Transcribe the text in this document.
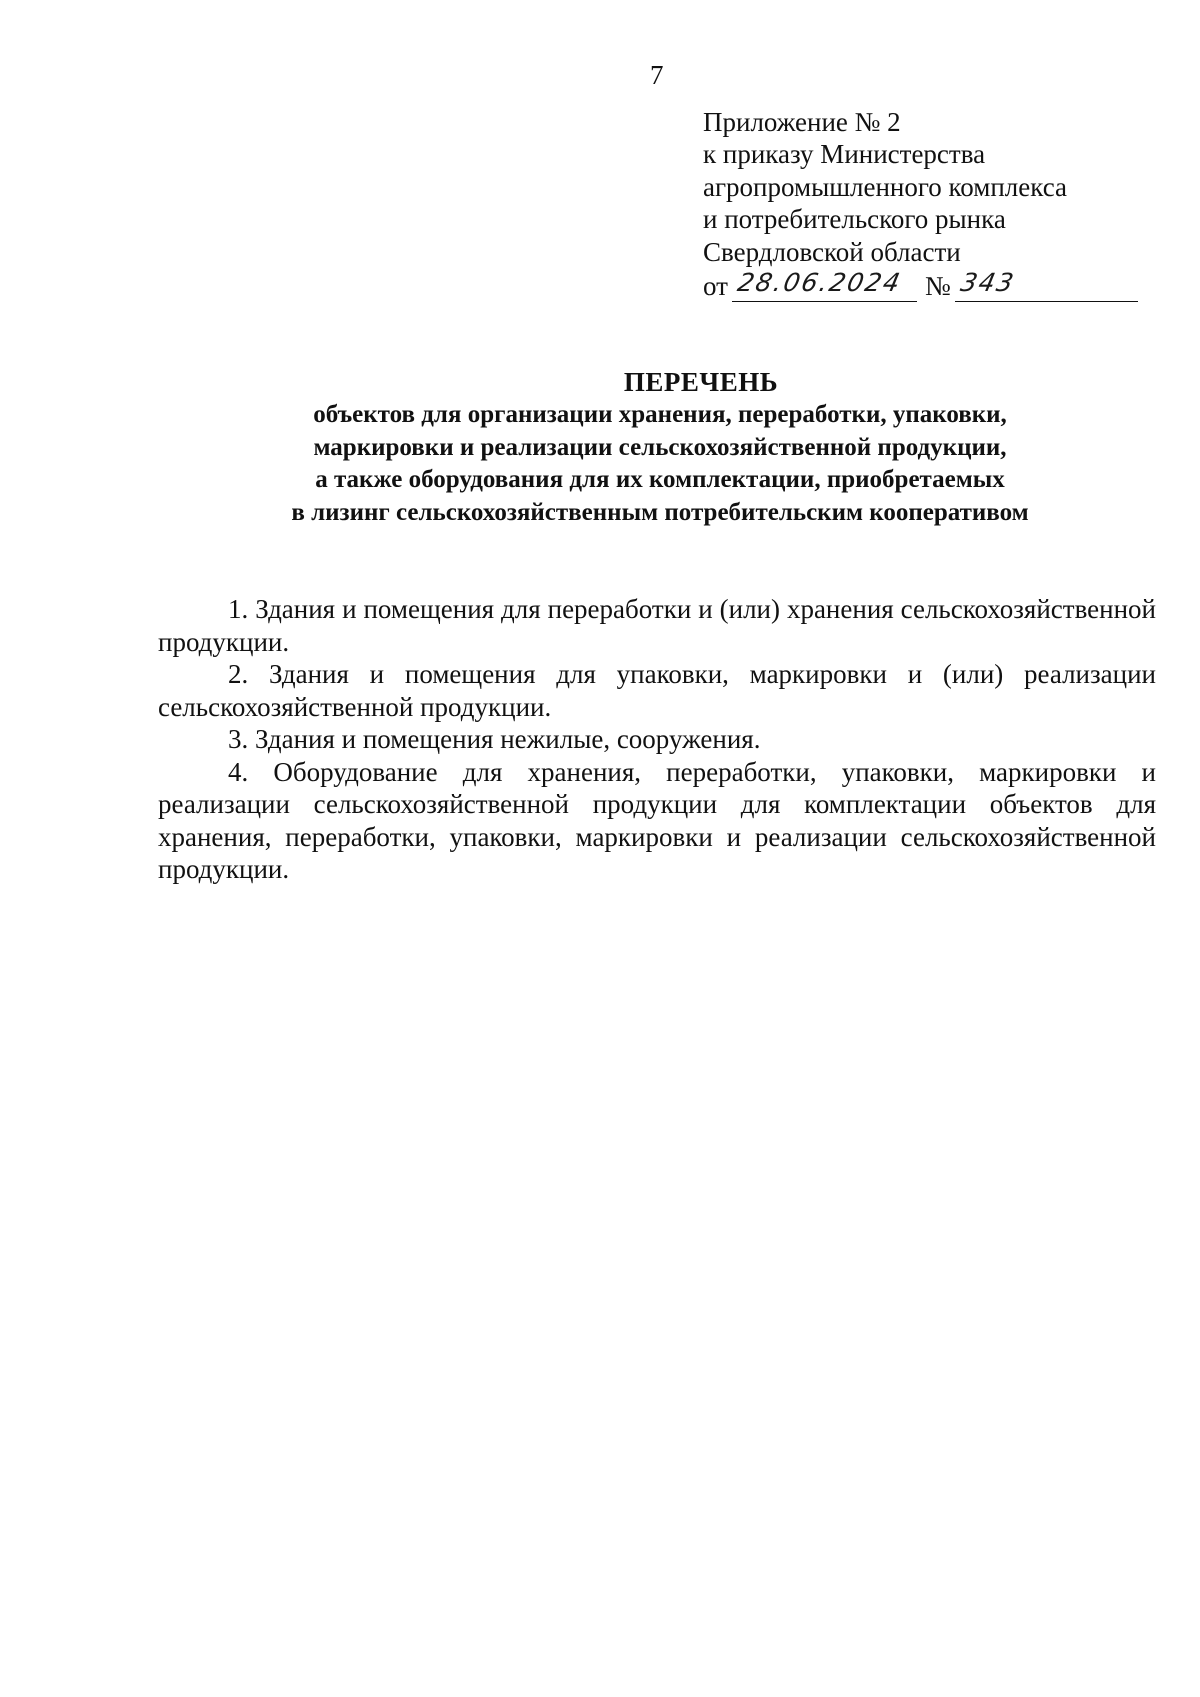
7
Приложение № 2
к приказу Министерства
агропромышленного комплекса
и потребительского рынка
Свердловской области
от 28.06.2024 № 343
ПЕРЕЧЕНЬ
объектов для организации хранения, переработки, упаковки,
маркировки и реализации сельскохозяйственной продукции,
а также оборудования для их комплектации, приобретаемых
в лизинг сельскохозяйственным потребительским кооперативом

1. Здания и помещения для переработки и (или) хранения сельскохозяйственной продукции.

2. Здания и помещения для упаковки, маркировки и (или) реализации сельскохозяйственной продукции.

3. Здания и помещения нежилые, сооружения.

4. Оборудование для хранения, переработки, упаковки, маркировки и реализации сельскохозяйственной продукции для комплектации объектов для хранения, переработки, упаковки, маркировки и реализации сельскохозяйственной продукции.
